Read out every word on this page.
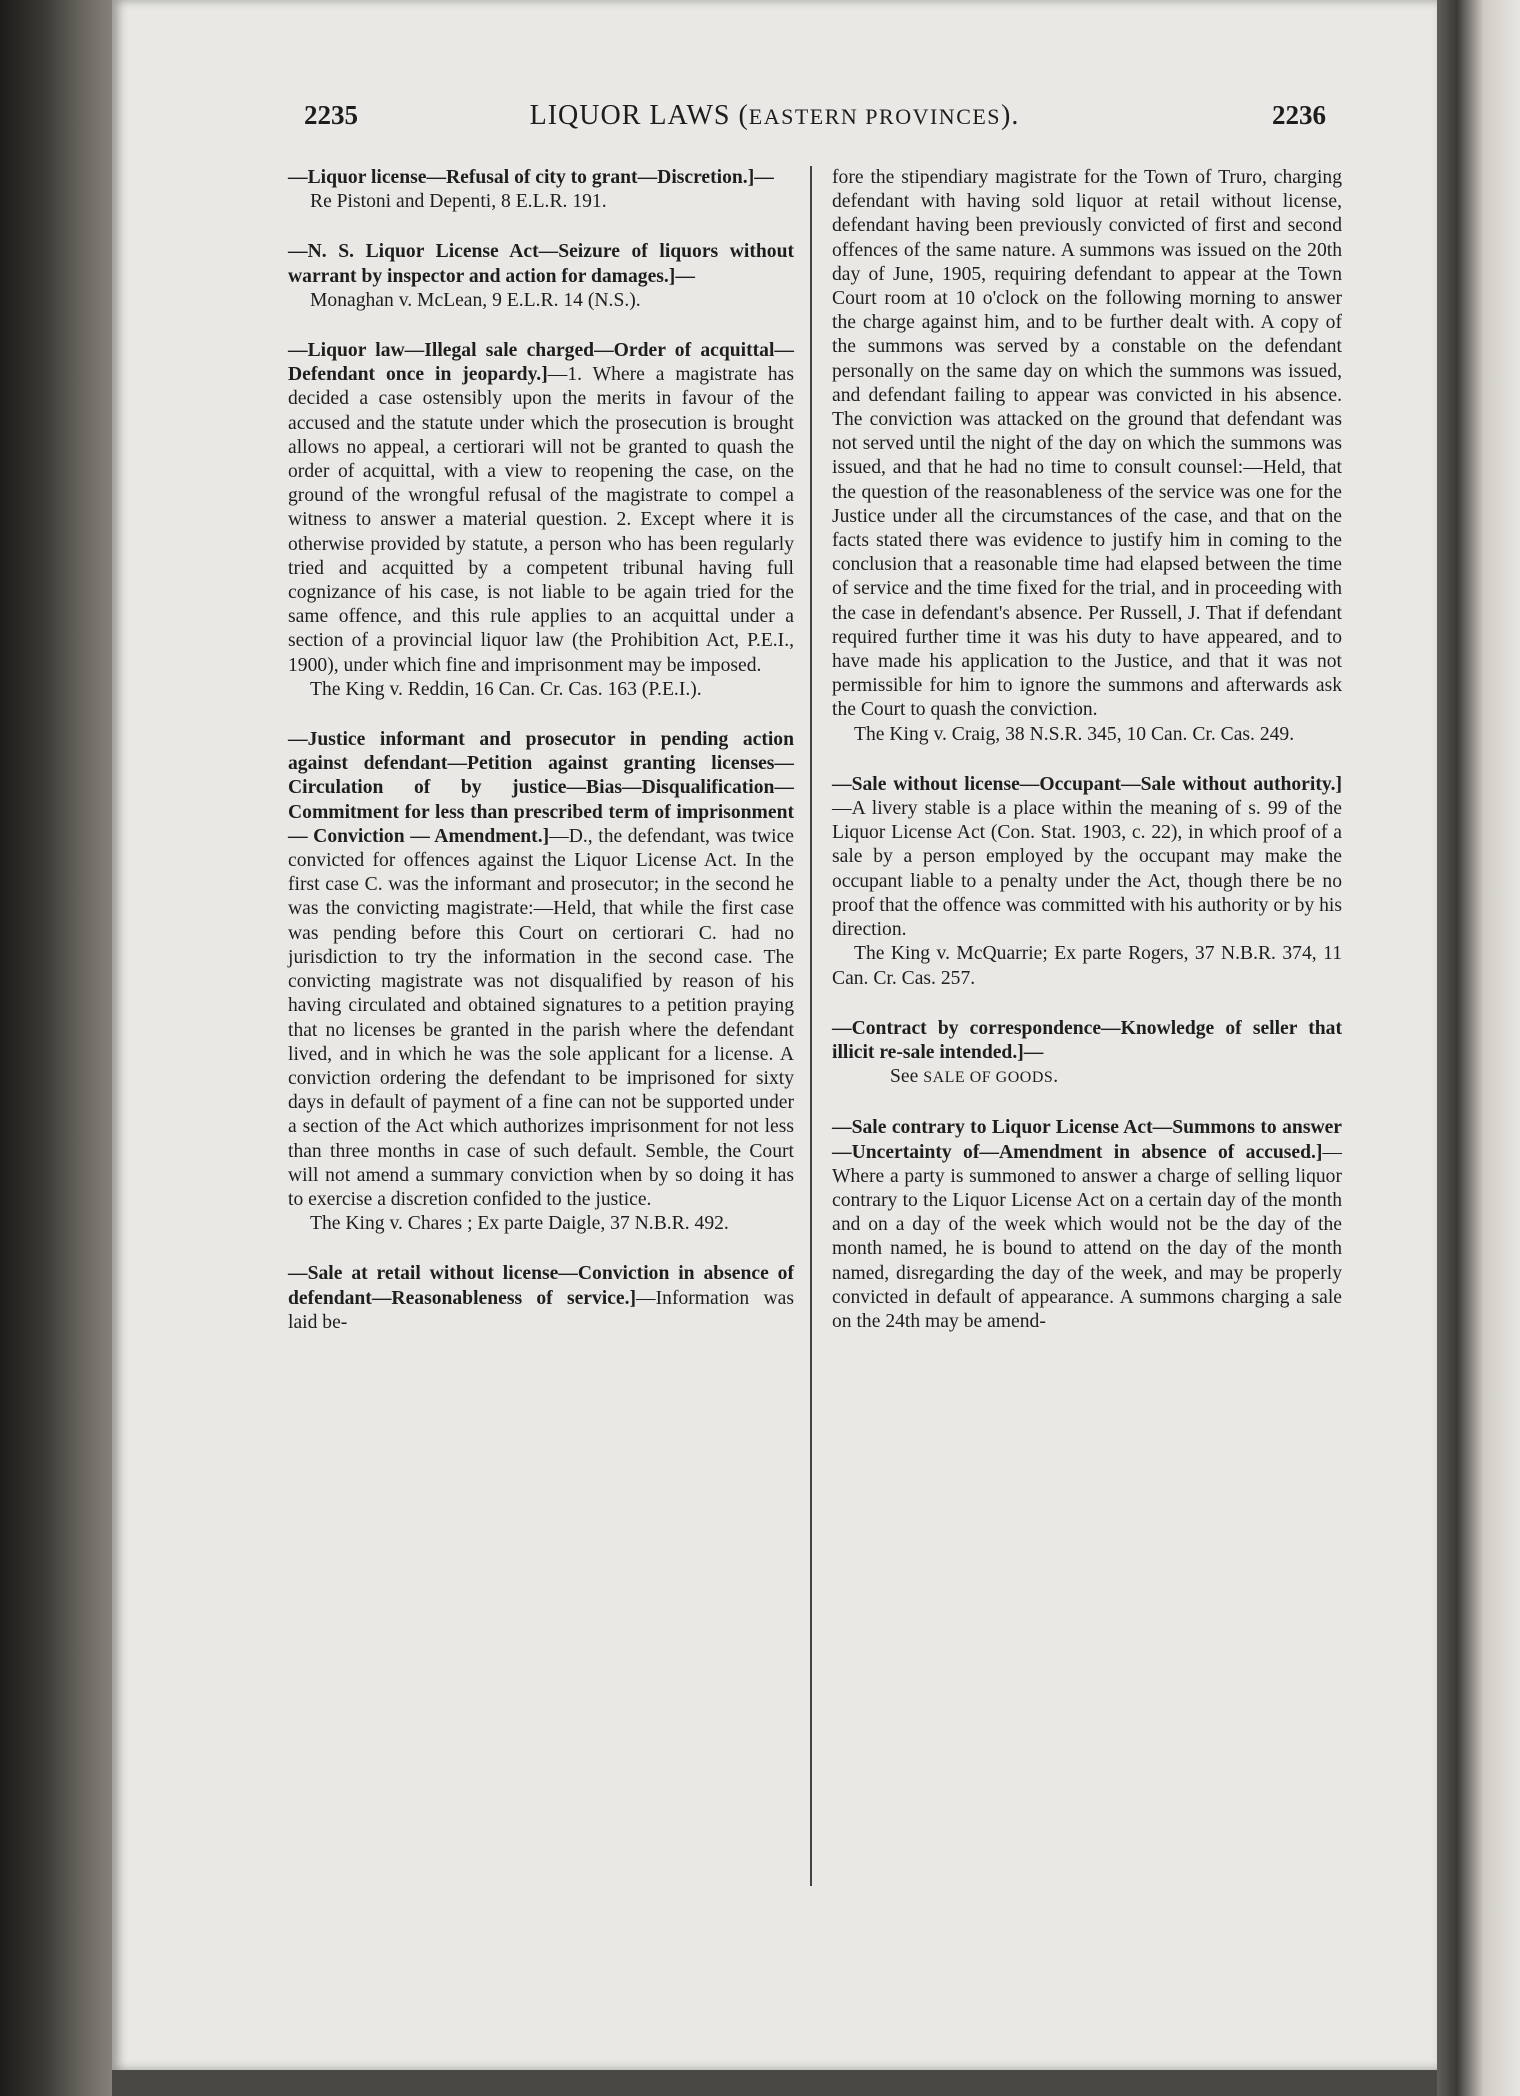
2235	LIQUOR LAWS (EASTERN PROVINCES).	2236

—Liquor license—Refusal of city to grant—Discretion.]—

Re Pistoni and Depenti, 8 E.L.R. 191.

—N. S. Liquor License Act—Seizure of liquors without warrant by inspector and action for damages.]—

Monaghan v. McLean, 9 E.L.R. 14 (N.S.).

—Liquor law—Illegal sale charged—Order of acquittal—Defendant once in jeopardy.]—1. Where a magistrate has decided a case ostensibly upon the merits in favour of the accused and the statute under which the prosecution is brought allows no appeal, a certiorari will not be granted to quash the order of acquittal, with a view to reopening the case, on the ground of the wrongful refusal of the magistrate to compel a witness to answer a material question. 2. Except where it is otherwise provided by statute, a person who has been regularly tried and acquitted by a competent tribunal having full cognizance of his case, is not liable to be again tried for the same offence, and this rule applies to an acquittal under a section of a provincial liquor law (the Prohibition Act, P.E.I., 1900), under which fine and imprisonment may be imposed.

The King v. Reddin, 16 Can. Cr. Cas. 163 (P.E.I.).

—Justice informant and prosecutor in pending action against defendant—Petition against granting licenses—Circulation of by justice—Bias—Disqualification—Commitment for less than prescribed term of imprisonment — Conviction — Amendment.]—D., the defendant, was twice convicted for offences against the Liquor License Act. In the first case C. was the informant and prosecutor; in the second he was the convicting magistrate:—Held, that while the first case was pending before this Court on certiorari C. had no jurisdiction to try the information in the second case. The convicting magistrate was not disqualified by reason of his having circulated and obtained signatures to a petition praying that no licenses be granted in the parish where the defendant lived, and in which he was the sole applicant for a license. A conviction ordering the defendant to be imprisoned for sixty days in default of payment of a fine can not be supported under a section of the Act which authorizes imprisonment for not less than three months in case of such default. Semble, the Court will not amend a summary conviction when by so doing it has to exercise a discretion confided to the justice.

The King v. Chares ; Ex parte Daigle, 37 N.B.R. 492.

—Sale at retail without license—Conviction in absence of defendant—Reasonableness of service.]—Information was laid be-

fore the stipendiary magistrate for the Town of Truro, charging defendant with having sold liquor at retail without license, defendant having been previously convicted of first and second offences of the same nature. A summons was issued on the 20th day of June, 1905, requiring defendant to appear at the Town Court room at 10 o'clock on the following morning to answer the charge against him, and to be further dealt with. A copy of the summons was served by a constable on the defendant personally on the same day on which the summons was issued, and defendant failing to appear was convicted in his absence. The conviction was attacked on the ground that defendant was not served until the night of the day on which the summons was issued, and that he had no time to consult counsel:—Held, that the question of the reasonableness of the service was one for the Justice under all the circumstances of the case, and that on the facts stated there was evidence to justify him in coming to the conclusion that a reasonable time had elapsed between the time of service and the time fixed for the trial, and in proceeding with the case in defendant's absence. Per Russell, J. That if defendant required further time it was his duty to have appeared, and to have made his application to the Justice, and that it was not permissible for him to ignore the summons and afterwards ask the Court to quash the conviction.

The King v. Craig, 38 N.S.R. 345, 10 Can. Cr. Cas. 249.

—Sale without license—Occupant—Sale without authority.]—A livery stable is a place within the meaning of s. 99 of the Liquor License Act (Con. Stat. 1903, c. 22), in which proof of a sale by a person employed by the occupant may make the occupant liable to a penalty under the Act, though there be no proof that the offence was committed with his authority or by his direction.

The King v. McQuarrie; Ex parte Rogers, 37 N.B.R. 374, 11 Can. Cr. Cas. 257.

—Contract by correspondence—Knowledge of seller that illicit re-sale intended.]—

See SALE OF GOODS.

—Sale contrary to Liquor License Act—Summons to answer—Uncertainty of—Amendment in absence of accused.]—Where a party is summoned to answer a charge of selling liquor contrary to the Liquor License Act on a certain day of the month and on a day of the week which would not be the day of the month named, he is bound to attend on the day of the month named, disregarding the day of the week, and may be properly convicted in default of appearance. A summons charging a sale on the 24th may be amend-
